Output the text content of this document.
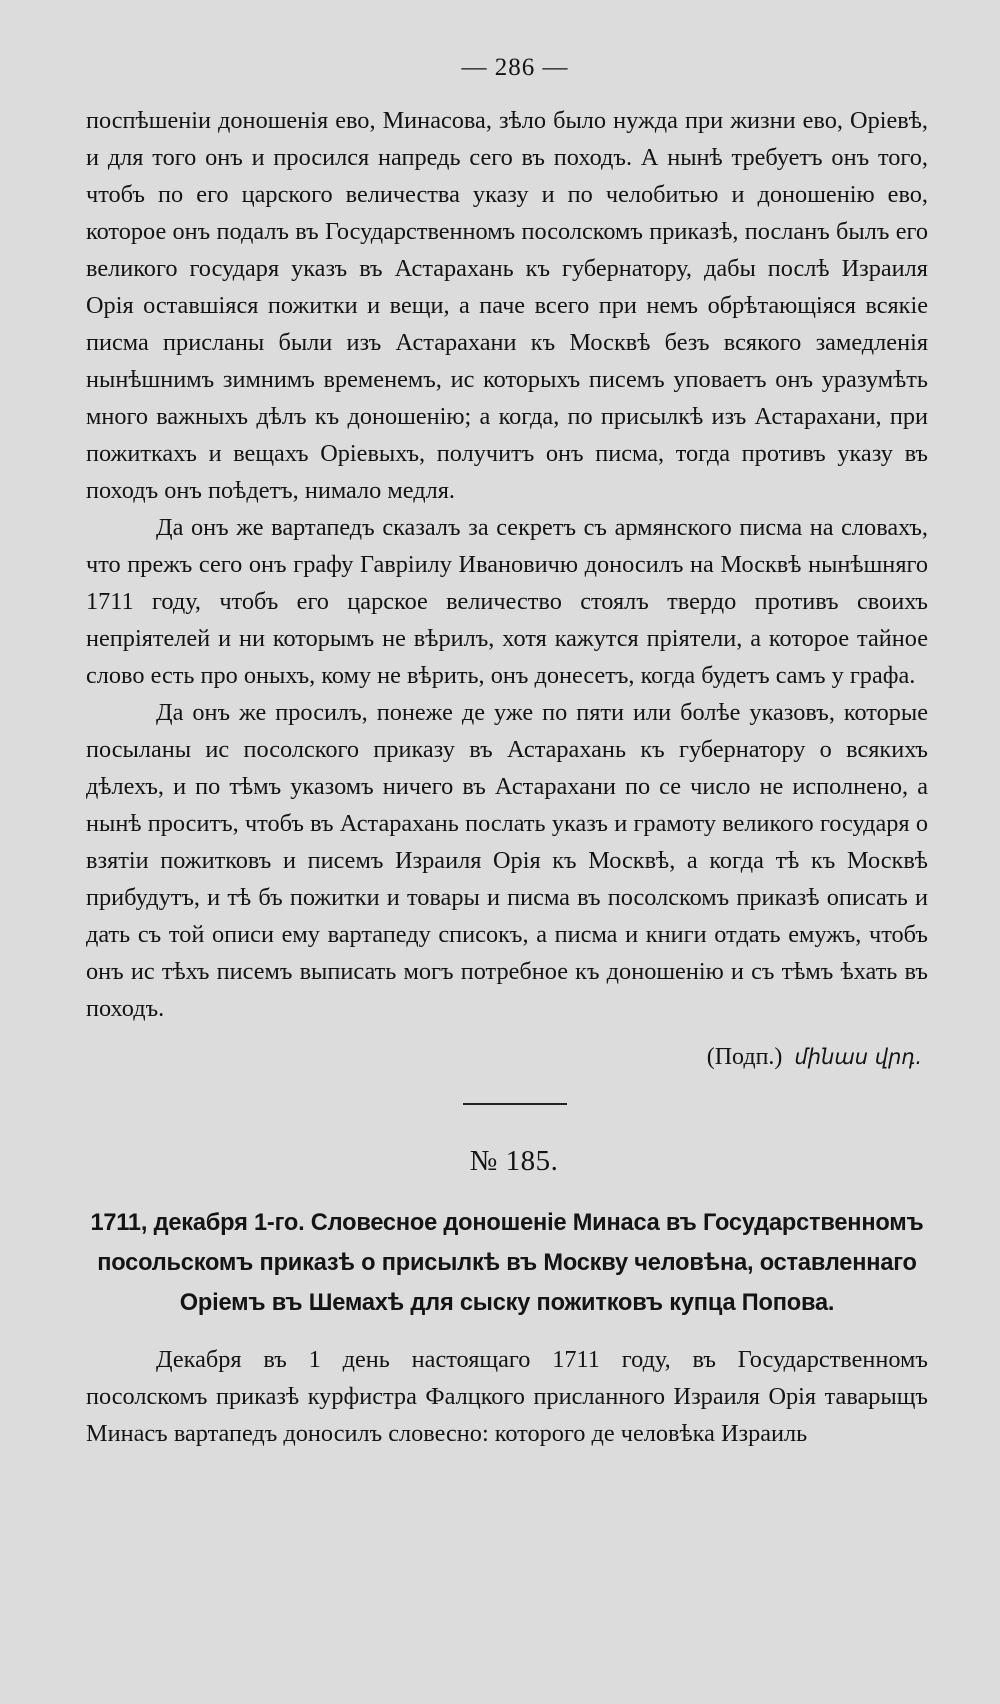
— 286 —

поспѣшеніи доношенія ево, Минасова, зѣло было нужда при жизни ево, Оріевѣ, и для того онъ и просился напредь сего въ походъ. А нынѣ требуетъ онъ того, чтобъ по его царского величества указу и по челобитью и доношенію ево, которое онъ подалъ въ Государственномъ посолскомъ приказѣ, посланъ былъ его великого государя указъ въ Астарахань къ губернатору, дабы послѣ Израиля Орія оставшіяся пожитки и вещи, а паче всего при немъ обрѣтающіяся всякіе писма присланы были изъ Астарахани къ Москвѣ безъ всякого замедленія нынѣшнимъ зимнимъ временемъ, ис которыхъ писемъ уповаетъ онъ уразумѣть много важныхъ дѣлъ къ доношенію; а когда, по присылкѣ изъ Астарахани, при пожиткахъ и вещахъ Оріевыхъ, получитъ онъ писма, тогда противъ указу въ походъ онъ поѣдетъ, нимало медля.

Да онъ же вартапедъ сказалъ за секретъ съ армянского писма на словахъ, что прежъ сего онъ графу Гавріилу Ивановичю доносилъ на Москвѣ нынѣшняго 1711 году, чтобъ его царское величество стоялъ твердо противъ своихъ непріятелей и ни которымъ не вѣрилъ, хотя кажутся пріятели, а которое тайное слово есть про оныхъ, кому не вѣрить, онъ донесетъ, когда будетъ самъ у графа.

Да онъ же просилъ, понеже де уже по пяти или болѣе указовъ, которые посыланы ис посолского приказу въ Астарахань къ губернатору о всякихъ дѣлехъ, и по тѣмъ указомъ ничего въ Астарахани по се число не исполнено, а нынѣ проситъ, чтобъ въ Астарахань послать указъ и грамоту великого государя о взятіи пожитковъ и писемъ Израиля Орія къ Москвѣ, а когда тѣ къ Москвѣ прибудутъ, и тѣ бъ пожитки и товары и писма въ посолскомъ приказѣ описать и дать съ той описи ему вартапеду списокъ, а писма и книги отдать емужъ, чтобъ онъ ис тѣхъ писемъ выписать могъ потребное къ доношенію и съ тѣмъ ѣхать въ походъ.

(Подп.) մինաս վրդ.
№ 185.

1711, декабря 1-го. Словесное доношеніе Минаса въ Государственномъ посольскомъ приказѣ о присылкѣ въ Москву человѣна, оставленнаго Оріемъ въ Шемахѣ для сыску пожитковъ купца Попова.

Декабря въ 1 день настоящаго 1711 году, въ Государственномъ посолскомъ приказѣ курфистра Фалцкого присланного Израиля Орія таварыщъ Минасъ вартапедъ доносилъ словесно: которого де человѣка Израиль
